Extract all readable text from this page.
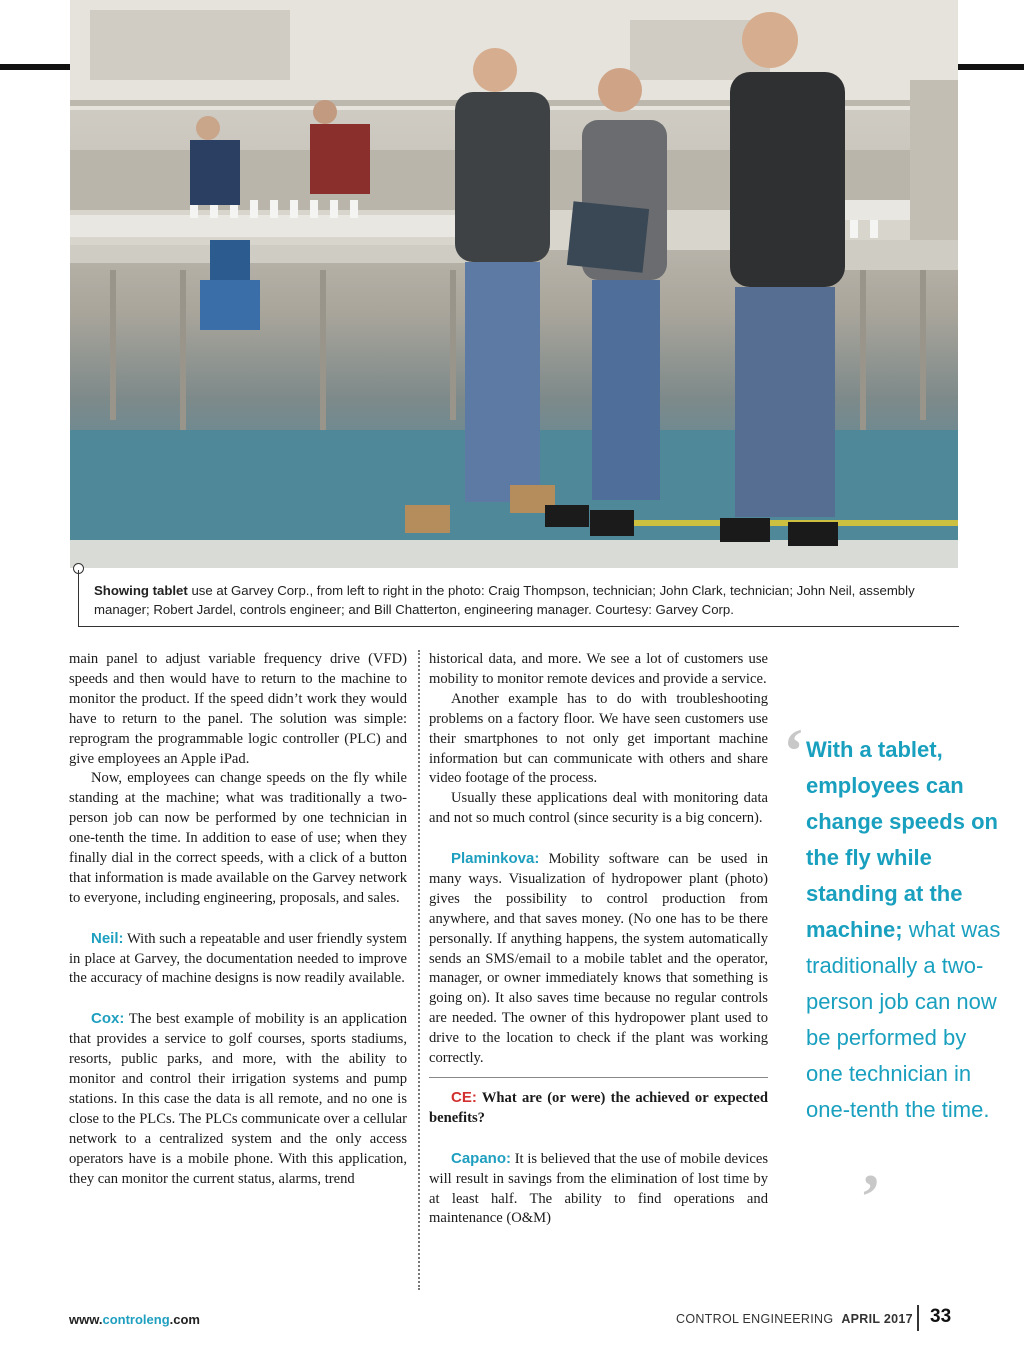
Showing tablet use at Garvey Corp., from left to right in the photo: Craig Thompson, technician; John Clark, technician; John Neil, assembly manager; Robert Jardel, controls engineer; and Bill Chatterton, engineering manager. Courtesy: Garvey Corp.

main panel to adjust variable frequency drive (VFD) speeds and then would have to return to the machine to monitor the product. If the speed didn’t work they would have to return to the panel. The solution was simple: reprogram the programmable logic controller (PLC) and give employees an Apple iPad.

Now, employees can change speeds on the fly while standing at the machine; what was traditionally a two-person job can now be performed by one technician in one-tenth the time. In addition to ease of use; when they finally dial in the correct speeds, with a click of a button that information is made available on the Garvey network to everyone, including engineering, proposals, and sales.

Neil: With such a repeatable and user friendly system in place at Garvey, the documentation needed to improve the accuracy of machine designs is now readily available.

Cox: The best example of mobility is an application that provides a service to golf courses, sports stadiums, resorts, public parks, and more, with the ability to monitor and control their irrigation systems and pump stations. In this case the data is all remote, and no one is close to the PLCs. The PLCs communicate over a cellular network to a centralized system and the only access operators have is a mobile phone. With this application, they can monitor the current status, alarms, trend

historical data, and more. We see a lot of customers use mobility to monitor remote devices and provide a service.

Another example has to do with troubleshooting problems on a factory floor. We have seen customers use their smartphones to not only get important machine information but can communicate with others and share video footage of the process.

Usually these applications deal with monitoring data and not so much control (since security is a big concern).

Plaminkova: Mobility software can be used in many ways. Visualization of hydropower plant (photo) gives the possibility to control production from anywhere, and that saves money. (No one has to be there personally. If anything happens, the system automatically sends an SMS/email to a mobile tablet and the operator, manager, or owner immediately knows that something is going on). It also saves time because no regular controls are needed. The owner of this hydropower plant used to drive to the location to check if the plant was working correctly.

CE: What are (or were) the achieved or expected benefits?

Capano: It is believed that the use of mobile devices will result in savings from the elimination of lost time by at least half. The ability to find operations and maintenance (O&M)

‘ With a tablet, employees can change speeds on the fly while standing at the machine; what was traditionally a two-person job can now be performed by one technician in one-tenth the time.
’
www.controleng.com	CONTROL ENGINEERING APRIL 2017 33
